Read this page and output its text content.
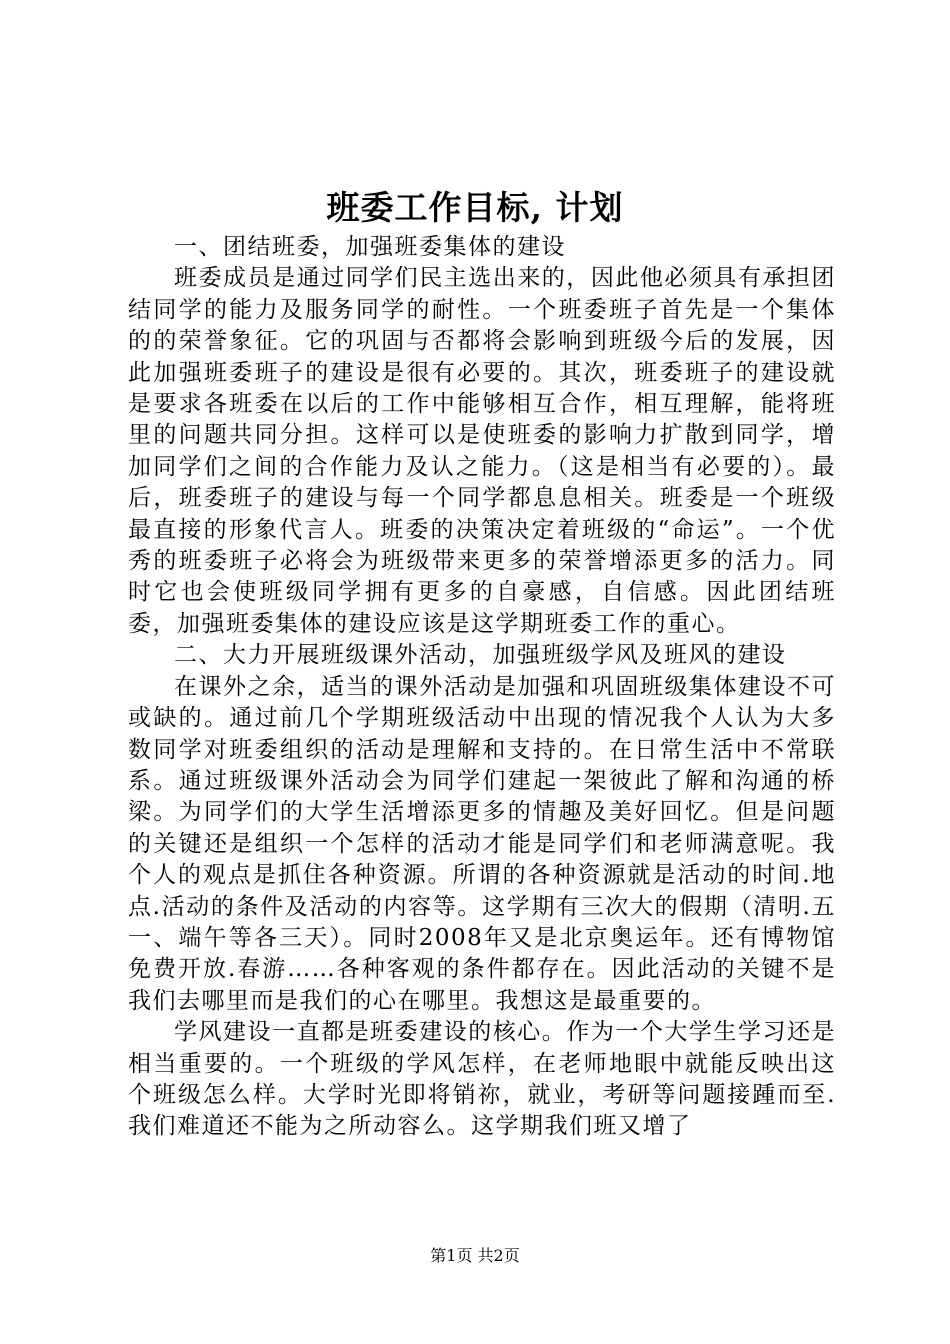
班委工作目标, 计划

一、团结班委，加强班委集体的建设

班委成员是通过同学们民主选出来的，因此他必须具有承担团结同学的能力及服务同学的耐性。一个班委班子首先是一个集体的的荣誉象征。它的巩固与否都将会影响到班级今后的发展，因此加强班委班子的建设是很有必要的。其次，班委班子的建设就是要求各班委在以后的工作中能够相互合作，相互理解，能将班里的问题共同分担。这样可以是使班委的影响力扩散到同学，增加同学们之间的合作能力及认之能力。（这是相当有必要的）。最后，班委班子的建设与每一个同学都息息相关。班委是一个班级最直接的形象代言人。班委的决策决定着班级的“命运”。一个优秀的班委班子必将会为班级带来更多的荣誉增添更多的活力。同时它也会使班级同学拥有更多的自豪感，自信感。因此团结班委，加强班委集体的建设应该是这学期班委工作的重心。

二、大力开展班级课外活动，加强班级学风及班风的建设

在课外之余，适当的课外活动是加强和巩固班级集体建设不可或缺的。通过前几个学期班级活动中出现的情况我个人认为大多数同学对班委组织的活动是理解和支持的。在日常生活中不常联系。通过班级课外活动会为同学们建起一架彼此了解和沟通的桥梁。为同学们的大学生活增添更多的情趣及美好回忆。但是问题的关键还是组织一个怎样的活动才能是同学们和老师满意呢。我个人的观点是抓住各种资源。所谓的各种资源就是活动的时间.地点.活动的条件及活动的内容等。这学期有三次大的假期（清明.五一、端午等各三天）。同时2008年又是北京奥运年。还有博物馆免费开放.春游……各种客观的条件都存在。因此活动的关键不是我们去哪里而是我们的心在哪里。我想这是最重要的。

学风建设一直都是班委建设的核心。作为一个大学生学习还是相当重要的。一个班级的学风怎样，在老师地眼中就能反映出这个班级怎么样。大学时光即将销祢，就业，考研等问题接踵而至.我们难道还不能为之所动容么。这学期我们班又增了

第1页 共2页
